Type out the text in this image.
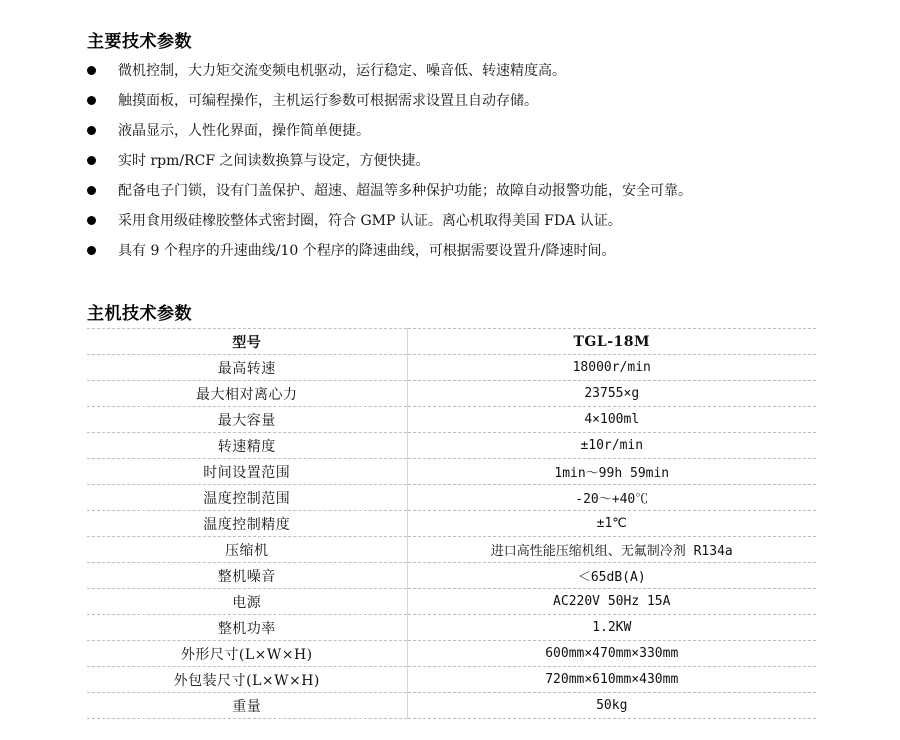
主要技术参数
微机控制，大力矩交流变频电机驱动，运行稳定、噪音低、转速精度高。
触摸面板，可编程操作，主机运行参数可根据需求设置且自动存储。
液晶显示，人性化界面，操作简单便捷。
实时 rpm/RCF 之间读数换算与设定，方便快捷。
配备电子门锁，设有门盖保护、超速、超温等多种保护功能；故障自动报警功能，安全可靠。
采用食用级硅橡胶整体式密封圈，符合 GMP 认证。离心机取得美国 FDA 认证。
具有 9 个程序的升速曲线/10 个程序的降速曲线，可根据需要设置升/降速时间。
主机技术参数
型号	TGL-18M
最高转速	18000r/min
最大相对离心力	23755×g
最大容量	4×100ml
转速精度	±10r/min
时间设置范围	1min～99h 59min
温度控制范围	-20～+40℃
温度控制精度	±1℃
压缩机	进口高性能压缩机组、无氟制冷剂 R134a
整机噪音	＜65dB(A)
电源	AC220V 50Hz 15A
整机功率	1.2KW
外形尺寸(L×W×H)	600mm×470mm×330mm
外包装尺寸(L×W×H)	720mm×610mm×430mm
重量	50kg
